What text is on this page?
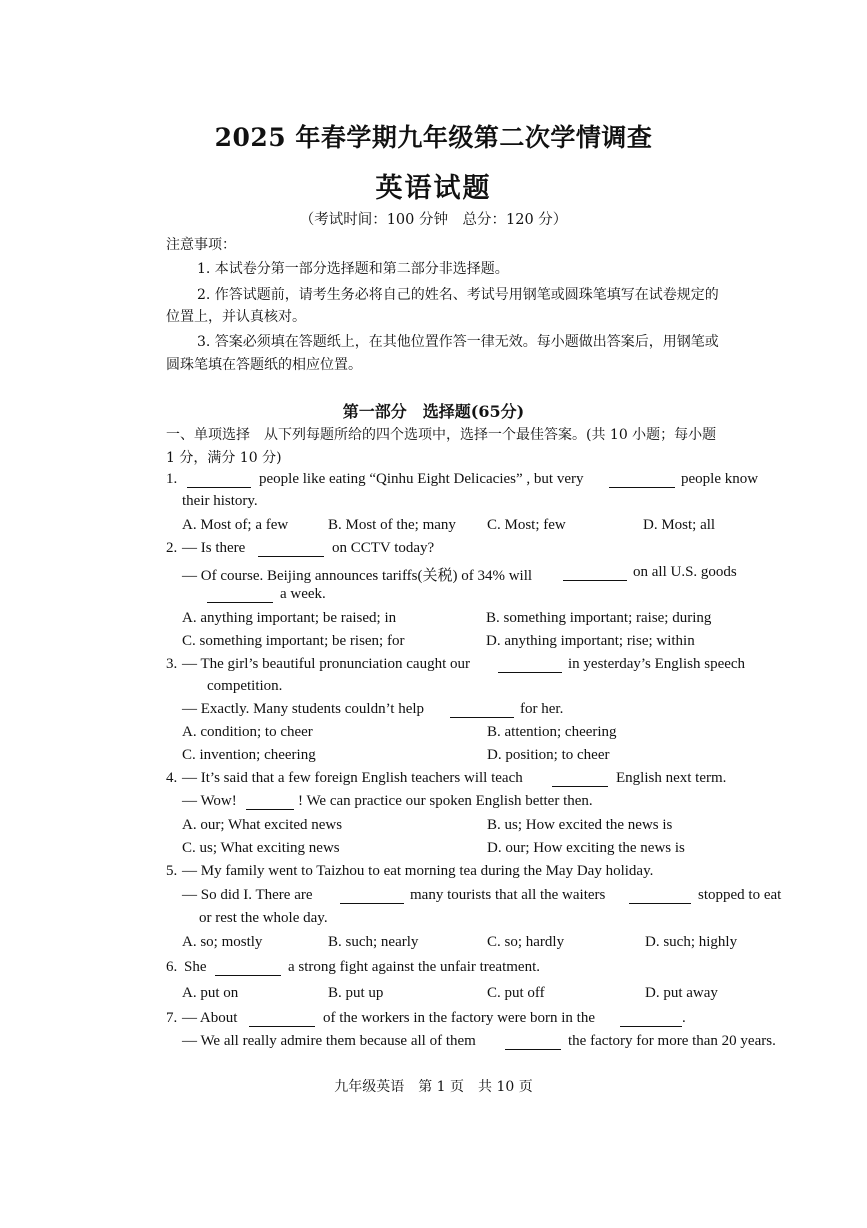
2025 年春学期九年级第二次学情调查
英语试题
（考试时间：100 分钟　总分：120 分）
注意事项：
1. 本试卷分第一部分选择题和第二部分非选择题。
2. 作答试题前，请考生务必将自己的姓名、考试号用钢笔或圆珠笔填写在试卷规定的
位置上，并认真核对。
3. 答案必须填在答题纸上，在其他位置作答一律无效。每小题做出答案后，用钢笔或
圆珠笔填在答题纸的相应位置。
第一部分　选择题(65分)
一、单项选择　从下列每题所给的四个选项中，选择一个最佳答案。(共 10 小题；每小题
1 分，满分 10 分)
1.	people like eating “Qinhu Eight Delicacies” , but very	people know
their history.
A. Most of; a few	B. Most of the; many C. Most; few	D. Most; all
2. — Is there	on CCTV today?
— Of course. Beijing announces tariffs(关税) of 34% will	on all U.S. goods
a week.
A. anything important; be raised; in	B. something important; raise; during
C. something important; be risen; for	D. anything important; rise; within
3. — The girl’s beautiful pronunciation caught our	in yesterday’s English speech
competition.
— Exactly. Many students couldn’t help	for her.
A. condition; to cheer	B. attention; cheering
C. invention; cheering	D. position; to cheer
4. — It’s said that a few foreign English teachers will teach	English next term.
— Wow!	! We can practice our spoken English better then.
A. our; What excited news	B. us; How excited the news is
C. us; What exciting news	D. our; How exciting the news is
5. — My family went to Taizhou to eat morning tea during the May Day holiday.
— So did I. There are	many tourists that all the waiters	stopped to eat
or rest the whole day.
A. so; mostly	B. such; nearly	C. so; hardly	D. such; highly
6. She	a strong fight against the unfair treatment.
A. put on	B. put up	C. put off	D. put away
7. — About	of the workers in the factory were born in the	.
— We all really admire them because all of them	the factory for more than 20 years.
九年级英语　第 1 页　共 10 页
